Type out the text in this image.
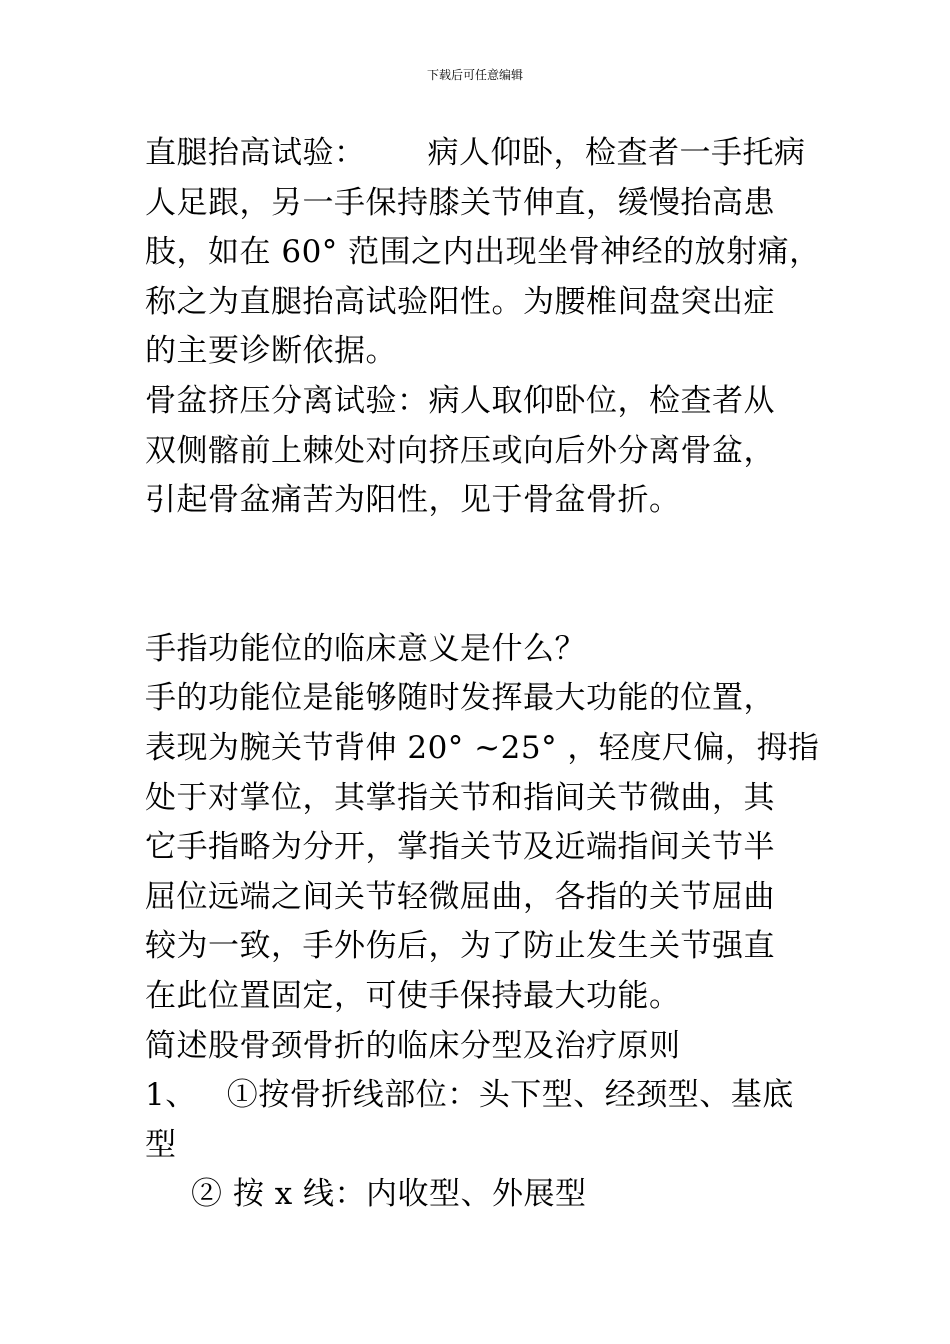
下载后可任意编辑
直腿抬高试验： 病人仰卧，检查者一手托病
人足跟，另一手保持膝关节伸直，缓慢抬高患
肢，如在 60° 范围之内出现坐骨神经的放射痛，
称之为直腿抬高试验阳性。为腰椎间盘突出症
的主要诊断依据。
骨盆挤压分离试验：病人取仰卧位，检查者从
双侧髂前上棘处对向挤压或向后外分离骨盆，
引起骨盆痛苦为阳性，见于骨盆骨折。
手指功能位的临床意义是什么？
手的功能位是能够随时发挥最大功能的位置，
表现为腕关节背伸 20° ~25° ，轻度尺偏，拇指
处于对掌位，其掌指关节和指间关节微曲，其
它手指略为分开，掌指关节及近端指间关节半
屈位远端之间关节轻微屈曲，各指的关节屈曲
较为一致，手外伤后，为了防止发生关节强直
在此位置固定，可使手保持最大功能。
简述股骨颈骨折的临床分型及治疗原则
1、 ①按骨折线部位：头下型、经颈型、基底
型
② 按 x 线：内收型、外展型
